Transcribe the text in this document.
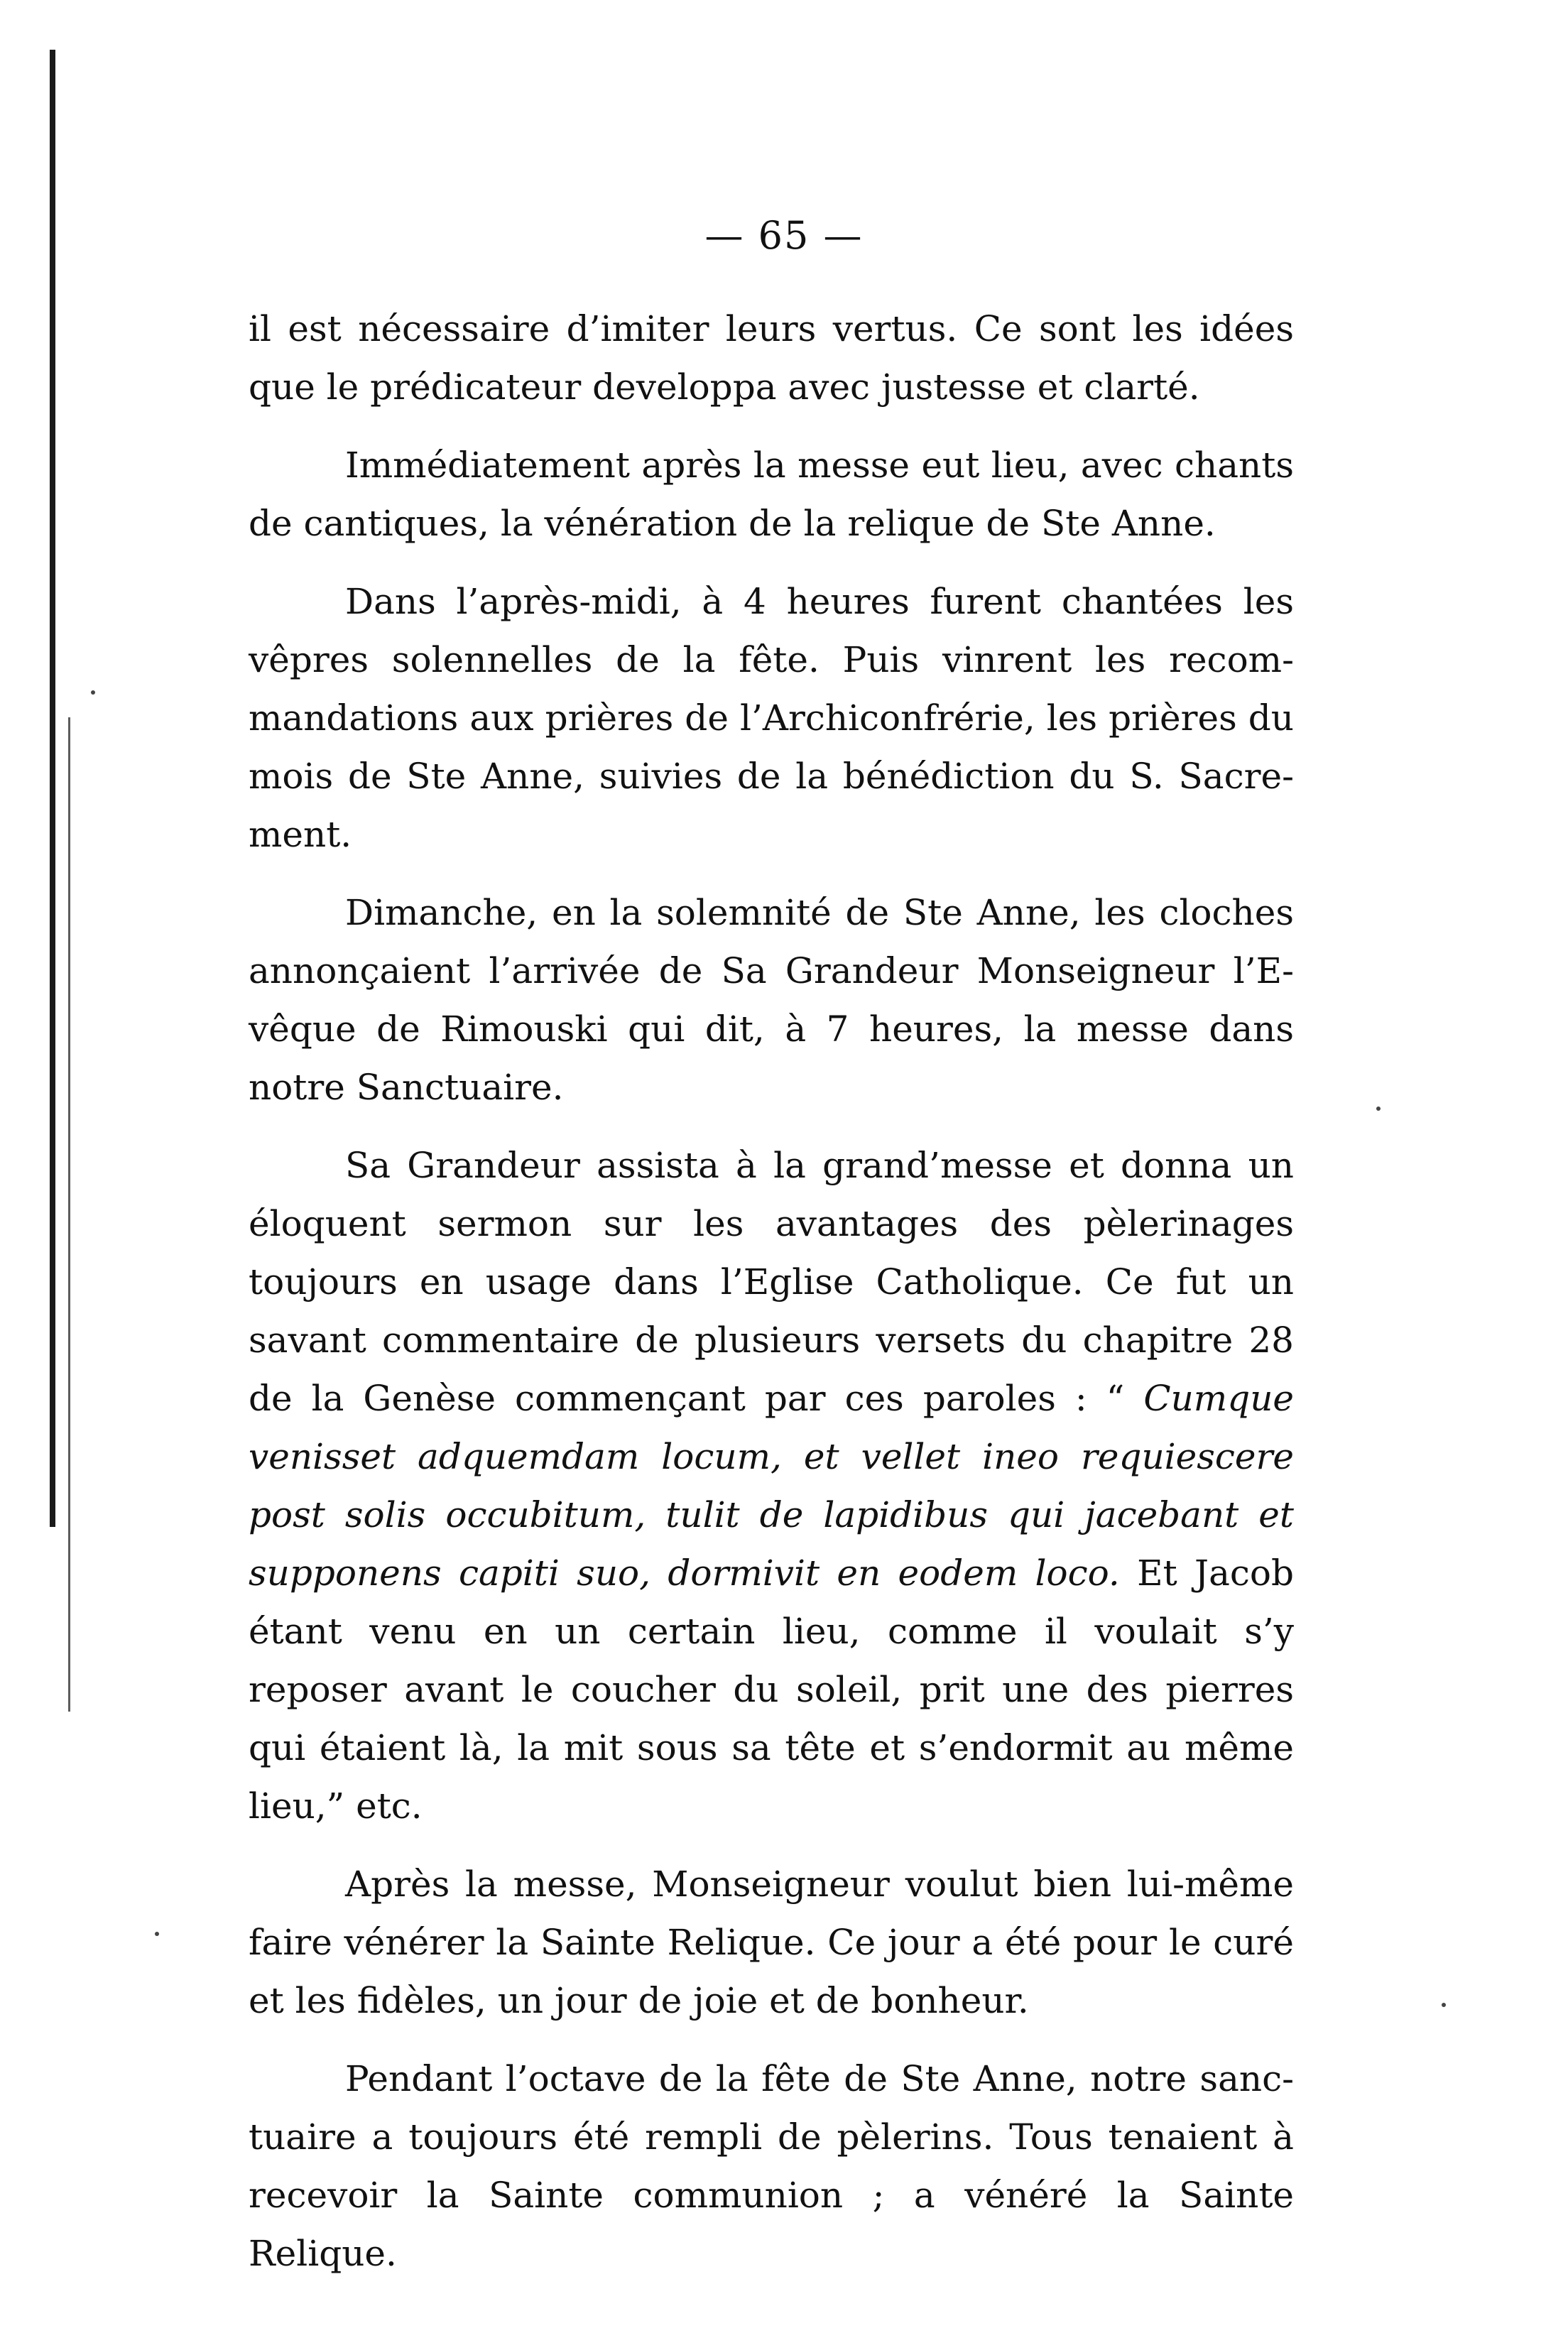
— 65 —

il est nécessaire d’imiter leurs vertus. Ce sont les idées que le prédicateur developpa avec justesse et clarté.

Immédiatement après la messe eut lieu, avec chants de cantiques, la vénération de la relique de Ste Anne.

Dans l’après-midi, à 4 heures furent chantées les vêpres solennelles de la fête. Puis vinrent les recommandations aux prières de l’Archiconfrérie, les prières du mois de Ste Anne, suivies de la bénédiction du S. Sacrement.

Dimanche, en la solemnité de Ste Anne, les cloches annonçaient l’arrivée de Sa Grandeur Monseigneur l’Evêque de Rimouski qui dit, à 7 heures, la messe dans notre Sanctuaire.

Sa Grandeur assista à la grand’messe et donna un éloquent sermon sur les avantages des pèlerinages toujours en usage dans l’Eglise Catholique. Ce fut un savant commentaire de plusieurs versets du chapitre 28 de la Genèse commençant par ces paroles : “ Cumque venisset adquemdam locum, et vellet ineo requiescere post solis occubitum, tulit de lapidibus qui jacebant et supponens capiti suo, dormivit en eodem loco. Et Jacob étant venu en un certain lieu, comme il voulait s’y reposer avant le coucher du soleil, prit une des pierres qui étaient là, la mit sous sa tête et s’endormit au même lieu,” etc.

Après la messe, Monseigneur voulut bien lui-même faire vénérer la Sainte Relique. Ce jour a été pour le curé et les fidèles, un jour de joie et de bonheur.

Pendant l’octave de la fête de Ste Anne, notre sanctuaire a toujours été rempli de pèlerins. Tous tenaient à recevoir la Sainte communion ; a vénéré la Sainte Relique.
